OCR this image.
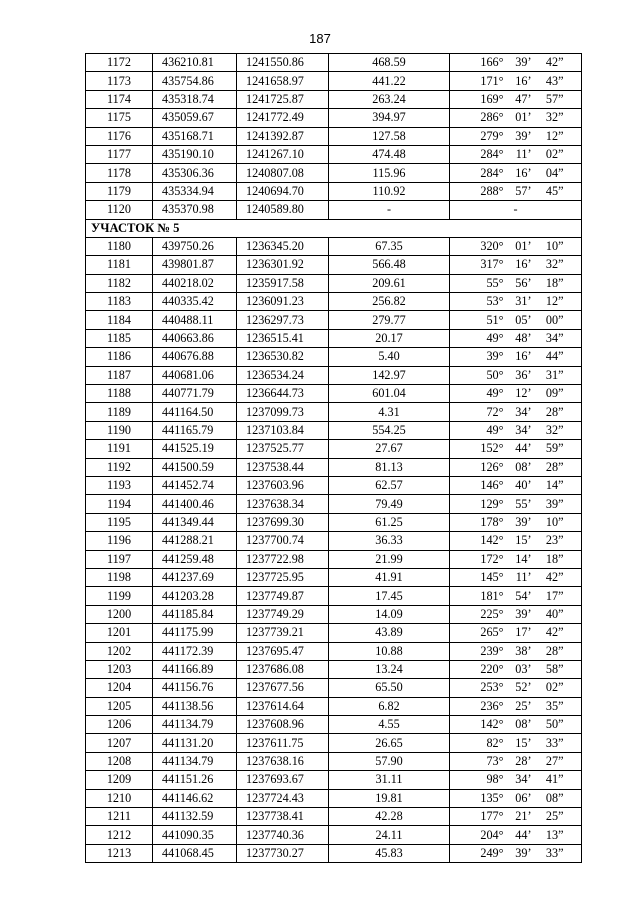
187
1172	436210.81	1241550.86	468.59	166° 39’ 42”
1173	435754.86	1241658.97	441.22	171° 16’ 43”
1174	435318.74	1241725.87	263.24	169° 47’ 57”
1175	435059.67	1241772.49	394.97	286° 01’ 32”
1176	435168.71	1241392.87	127.58	279° 39’ 12”
1177	435190.10	1241267.10	474.48	284° 11’ 02”
1178	435306.36	1240807.08	115.96	284° 16’ 04”
1179	435334.94	1240694.70	110.92	288° 57’ 45”
1120	435370.98	1240589.80	-	-
УЧАСТОК № 5				
1180	439750.26	1236345.20	67.35	320° 01’ 10”
1181	439801.87	1236301.92	566.48	317° 16’ 32”
1182	440218.02	1235917.58	209.61	55° 56’ 18”
1183	440335.42	1236091.23	256.82	53° 31’ 12”
1184	440488.11	1236297.73	279.77	51° 05’ 00”
1185	440663.86	1236515.41	20.17	49° 48’ 34”
1186	440676.88	1236530.82	5.40	39° 16’ 44”
1187	440681.06	1236534.24	142.97	50° 36’ 31”
1188	440771.79	1236644.73	601.04	49° 12’ 09”
1189	441164.50	1237099.73	4.31	72° 34’ 28”
1190	441165.79	1237103.84	554.25	49° 34’ 32”
1191	441525.19	1237525.77	27.67	152° 44’ 59”
1192	441500.59	1237538.44	81.13	126° 08’ 28”
1193	441452.74	1237603.96	62.57	146° 40’ 14”
1194	441400.46	1237638.34	79.49	129° 55’ 39”
1195	441349.44	1237699.30	61.25	178° 39’ 10”
1196	441288.21	1237700.74	36.33	142° 15’ 23”
1197	441259.48	1237722.98	21.99	172° 14’ 18”
1198	441237.69	1237725.95	41.91	145° 11’ 42”
1199	441203.28	1237749.87	17.45	181° 54’ 17”
1200	441185.84	1237749.29	14.09	225° 39’ 40”
1201	441175.99	1237739.21	43.89	265° 17’ 42”
1202	441172.39	1237695.47	10.88	239° 38’ 28”
1203	441166.89	1237686.08	13.24	220° 03’ 58”
1204	441156.76	1237677.56	65.50	253° 52’ 02”
1205	441138.56	1237614.64	6.82	236° 25’ 35”
1206	441134.79	1237608.96	4.55	142° 08’ 50”
1207	441131.20	1237611.75	26.65	82° 15’ 33”
1208	441134.79	1237638.16	57.90	73° 28’ 27”
1209	441151.26	1237693.67	31.11	98° 34’ 41”
1210	441146.62	1237724.43	19.81	135° 06’ 08”
1211	441132.59	1237738.41	42.28	177° 21’ 25”
1212	441090.35	1237740.36	24.11	204° 44’ 13”
1213	441068.45	1237730.27	45.83	249° 39’ 33”
